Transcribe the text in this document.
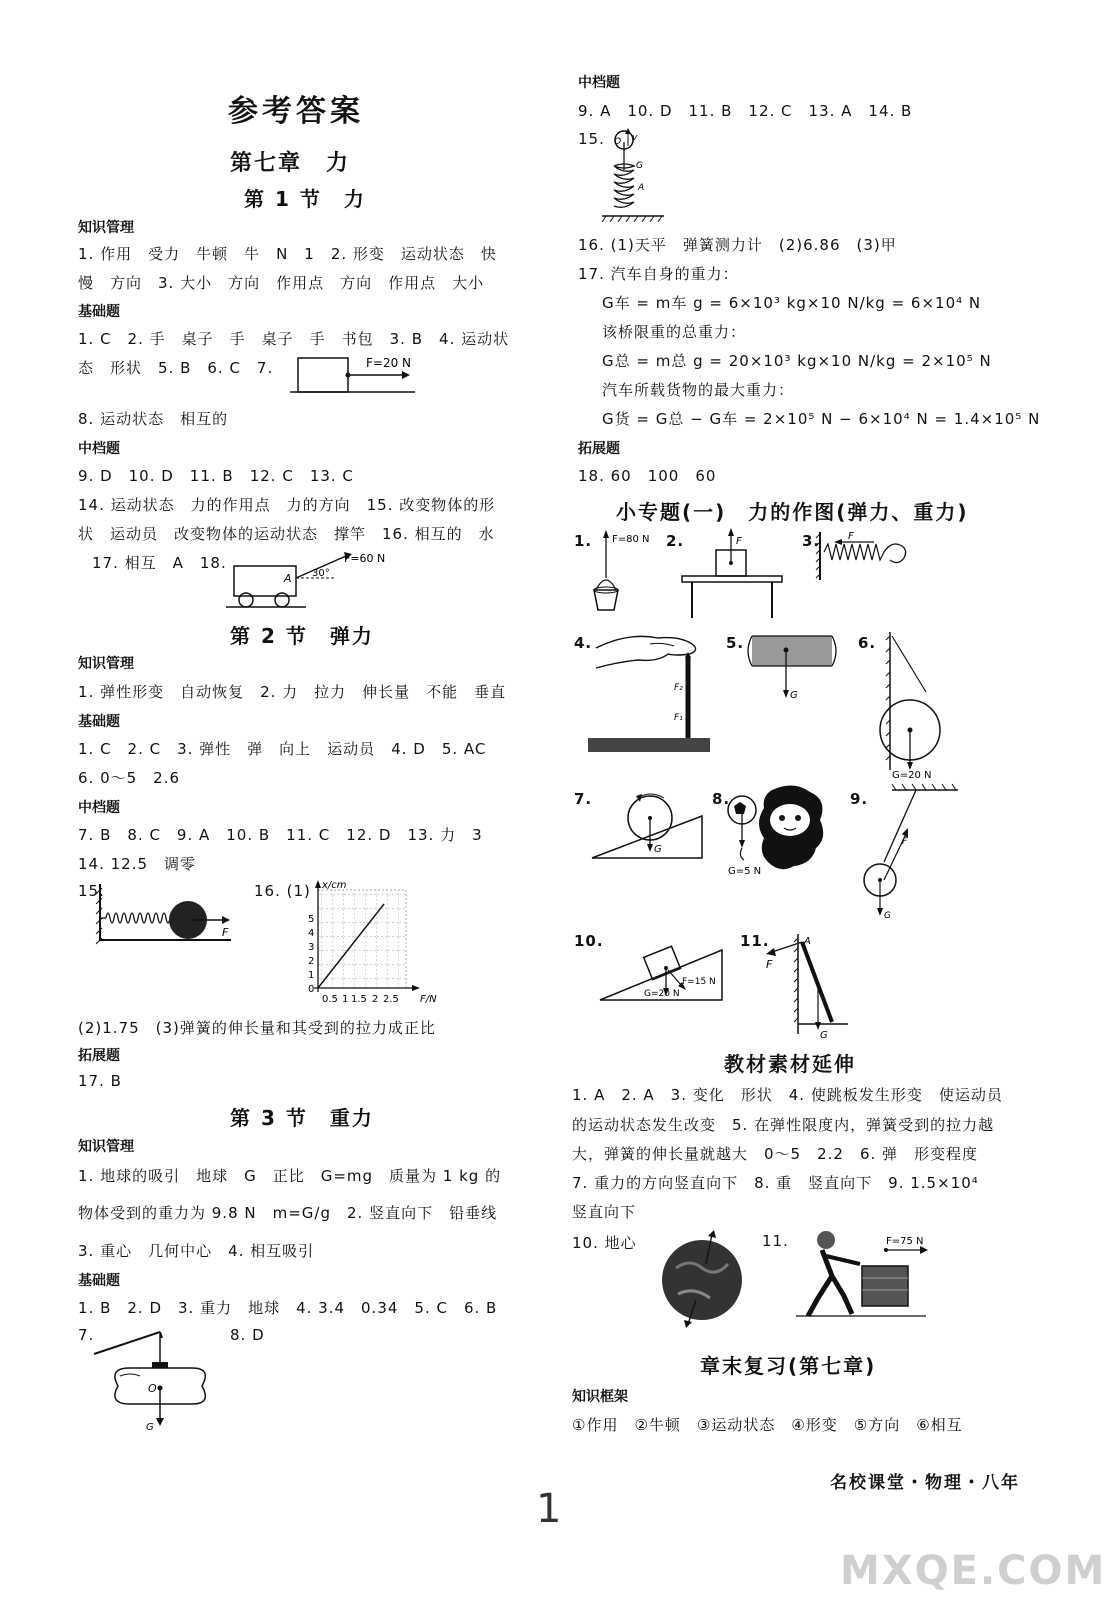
参考答案
第七章　力
第 1 节　力
知识管理
1. 作用　受力　牛顿　牛　N　1　2. 形变　运动状态　快
慢　方向　3. 大小　方向　作用点　方向　作用点　大小
基础题
1. C　2. 手　桌子　手　桌子　手　书包　3. B　4. 运动状
态　形状　5. B　6. C　7.	F=20 N
8. 运动状态　相互的
中档题
9. D　10. D　11. B　12. C　13. C
14. 运动状态　力的作用点　力的方向　15. 改变物体的形
状　运动员　改变物体的运动状态　撑竿　16. 相互的　水
17. 相互　A　18.
A 30°
F=60 N
第 2 节　弹力
知识管理
1. 弹性形变　自动恢复　2. 力　拉力　伸长量　不能　垂直
基础题
1. C　2. C　3. 弹性　弹　向上　运动员　4. D　5. AC
6. 0～5　2.6
中档题
7. B　8. C　9. A　10. B　11. C　12. D　13. 力　3
14. 12.5　调零
15.
F
16. (1) x/cm
F/N
0
1
2
3
4
5
0.5 1 1.5 2 2.5
(2)1.75　(3)弹簧的伸长量和其受到的拉力成正比
拓展题
17. B
第 3 节　重力
知识管理
1. 地球的吸引　地球　G　正比　G=mg　质量为 1 kg 的
物体受到的重力为 9.8 N　m=G/g　2. 竖直向下　铅垂线
3. 重心　几何中心　4. 相互吸引
基础题
1. B　2. D　3. 重力　地球　4. 3.4　0.34　5. C　6. B
7.	8. D
O
G
中档题
9. A　10. D　11. B　12. C　13. A　14. B
15. O v
G
A
16. (1)天平　弹簧测力计　(2)6.86　(3)甲
17. 汽车自身的重力：
G车 = m车 g = 6×10³ kg×10 N/kg = 6×10⁴ N
该桥限重的总重力：
G总 = m总 g = 20×10³ kg×10 N/kg = 2×10⁵ N
汽车所载货物的最大重力：
G货 = G总 − G车 = 2×10⁵ N − 6×10⁴ N = 1.4×10⁵ N
拓展题
18. 60　100　60
小专题(一)　力的作图(弹力、重力)
1. F=80 N 2.	F	3.	F
4.
F₂
F₁
5.
G
6.
G=20 N
7.
G
8.
G=5 N
9.
F
G
10.
G=20 N
F=15 N
11.	A
F
G
教材素材延伸
1. A　2. A　3. 变化　形状　4. 使跳板发生形变　使运动员
的运动状态发生改变　5. 在弹性限度内，弹簧受到的拉力越
大，弹簧的伸长量就越大　0～5　2.2　6. 弹　形变程度
7. 重力的方向竖直向下　8. 重　竖直向下　9. 1.5×10⁴
竖直向下
10. 地心	11.	F=75 N
章末复习(第七章)
知识框架
①作用　②牛顿　③运动状态　④形变　⑤方向　⑥相互
名校课堂・物理・八年
1
MXQE.COM
